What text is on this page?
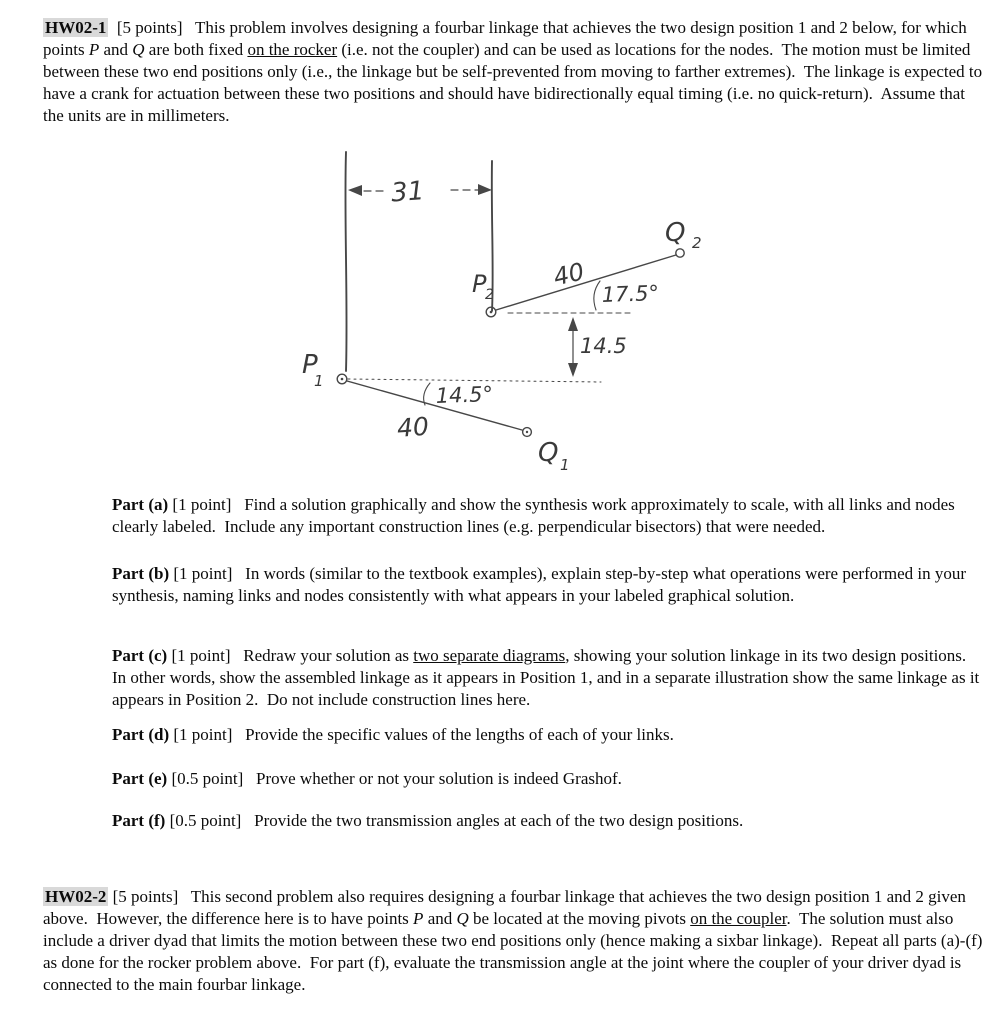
HW02-1  [5 points]   This problem involves designing a fourbar linkage that achieves the two design position 1 and 2 below, for which points P and Q are both fixed on the rocker (i.e. not the coupler) and can be used as locations for the nodes.  The motion must be limited between these two end positions only (i.e., the linkage but be self-prevented from moving to farther extremes).  The linkage is expected to have a crank for actuation between these two positions and should have bidirectionally equal timing (i.e. no quick-return).  Assume that the units are in millimeters.
31
17.5°
40
P
2
Q 2
14.5
P
1
14.5°
40
Q 1
Part (a) [1 point]   Find a solution graphically and show the synthesis work approximately to scale, with all links and nodes clearly labeled.  Include any important construction lines (e.g. perpendicular bisectors) that were needed.
Part (b) [1 point]   In words (similar to the textbook examples), explain step-by-step what operations were performed in your synthesis, naming links and nodes consistently with what appears in your labeled graphical solution.
Part (c) [1 point]   Redraw your solution as two separate diagrams, showing your solution linkage in its two design positions.  In other words, show the assembled linkage as it appears in Position 1, and in a separate illustration show the same linkage as it appears in Position 2.  Do not include construction lines here.
Part (d) [1 point]   Provide the specific values of the lengths of each of your links.
Part (e) [0.5 point]   Prove whether or not your solution is indeed Grashof.
Part (f) [0.5 point]   Provide the two transmission angles at each of the two design positions.
HW02-2 [5 points]   This second problem also requires designing a fourbar linkage that achieves the two design position 1 and 2 given above.  However, the difference here is to have points P and Q be located at the moving pivots on the coupler.  The solution must also include a driver dyad that limits the motion between these two end positions only (hence making a sixbar linkage).  Repeat all parts (a)-(f) as done for the rocker problem above.  For part (f), evaluate the transmission angle at the joint where the coupler of your driver dyad is connected to the main fourbar linkage.
